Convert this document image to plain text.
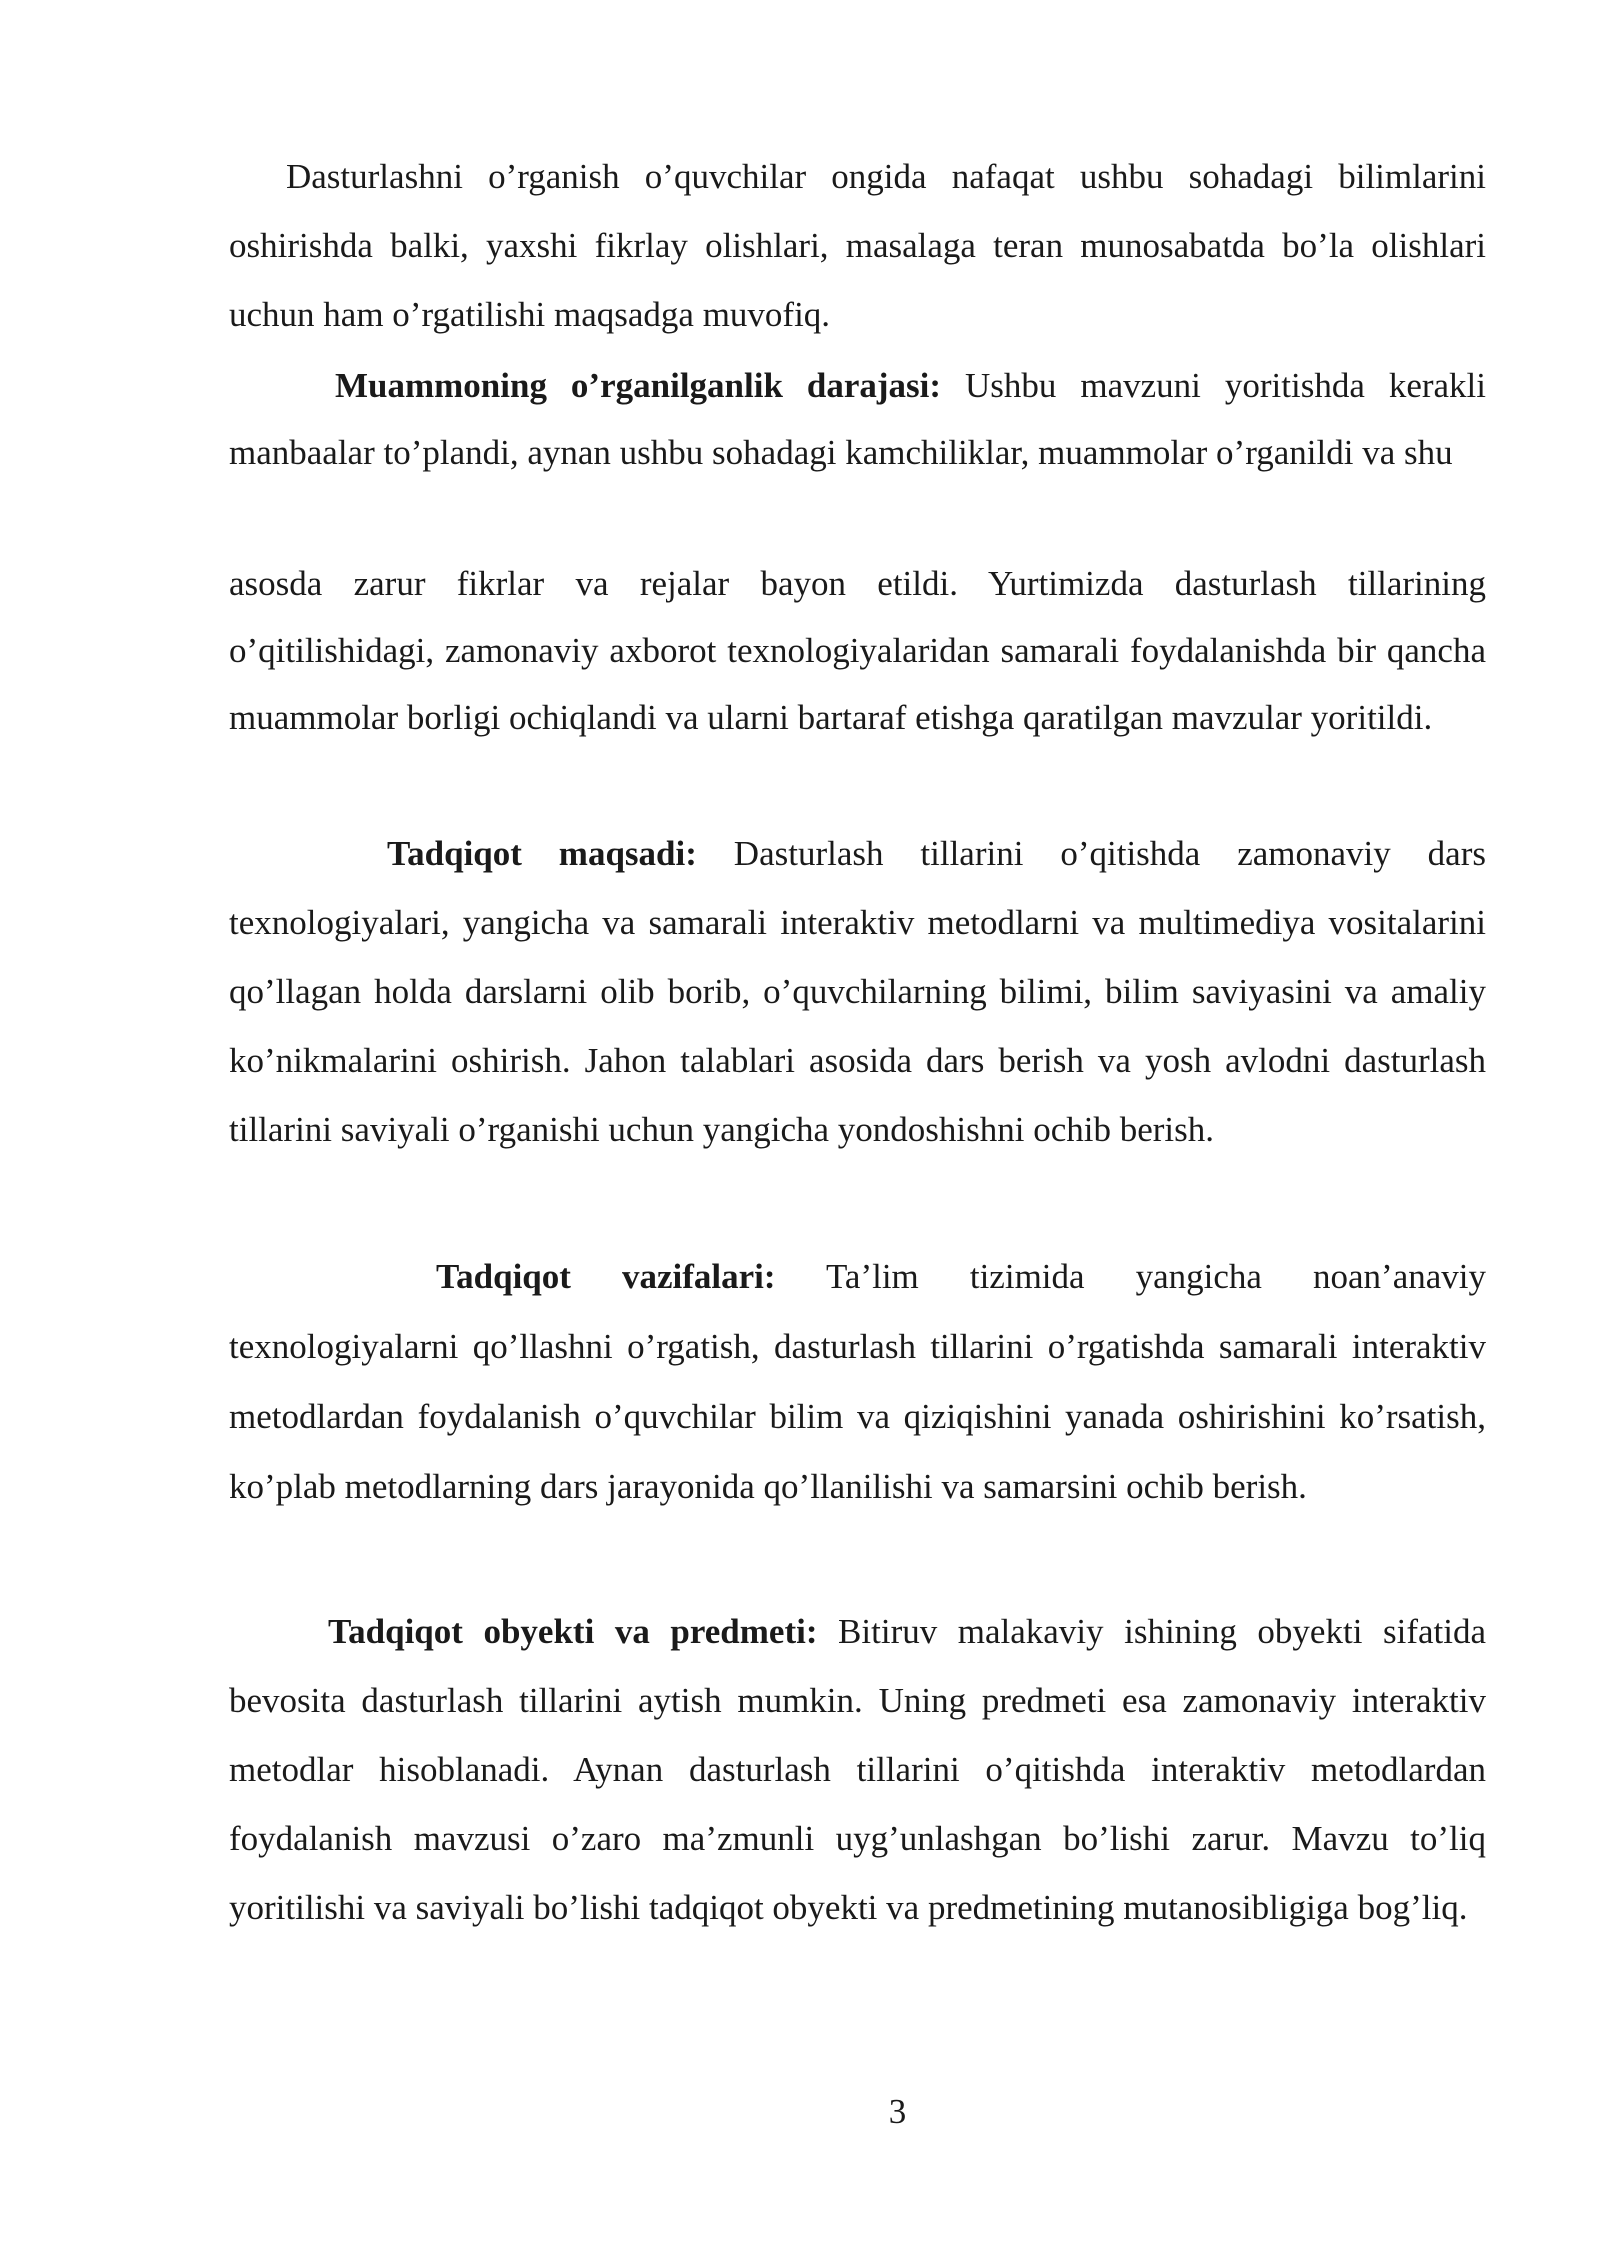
Dasturlashni o’rganish o’quvchilar ongida nafaqat ushbu sohadagi bilimlarini oshirishda balki, yaxshi fikrlay olishlari, masalaga teran munosabatda bo’la olishlari uchun ham o’rgatilishi maqsadga muvofiq.

Muammoning o’rganilganlik darajasi: Ushbu mavzuni yoritishda kerakli manbaalar to’plandi, aynan ushbu sohadagi kamchiliklar, muammolar o’rganildi va shu

asosda zarur fikrlar va rejalar bayon etildi. Yurtimizda dasturlash tillarining o’qitilishidagi, zamonaviy axborot texnologiyalaridan samarali foydalanishda bir qancha muammolar borligi ochiqlandi va ularni bartaraf etishga qaratilgan mavzular yoritildi.

Tadqiqot maqsadi: Dasturlash tillarini o’qitishda zamonaviy dars texnologiyalari, yangicha va samarali interaktiv metodlarni va multimediya vositalarini qo’llagan holda darslarni olib borib, o’quvchilarning bilimi, bilim saviyasini va amaliy ko’nikmalarini oshirish. Jahon talablari asosida dars berish va yosh avlodni dasturlash tillarini saviyali o’rganishi uchun yangicha yondoshishni ochib berish.

Tadqiqot vazifalari: Ta’lim tizimida yangicha noan’anaviy texnologiyalarni qo’llashni o’rgatish, dasturlash tillarini o’rgatishda samarali interaktiv metodlardan foydalanish o’quvchilar bilim va qiziqishini yanada oshirishini ko’rsatish, ko’plab metodlarning dars jarayonida qo’llanilishi va samarsini ochib berish.

Tadqiqot obyekti va predmeti: Bitiruv malakaviy ishining obyekti sifatida bevosita dasturlash tillarini aytish mumkin. Uning predmeti esa zamonaviy interaktiv metodlar hisoblanadi. Aynan dasturlash tillarini o’qitishda interaktiv metodlardan foydalanish mavzusi o’zaro ma’zmunli uyg’unlashgan bo’lishi zarur. Mavzu to’liq yoritilishi va saviyali bo’lishi tadqiqot obyekti va predmetining mutanosibligiga bog’liq.

3
